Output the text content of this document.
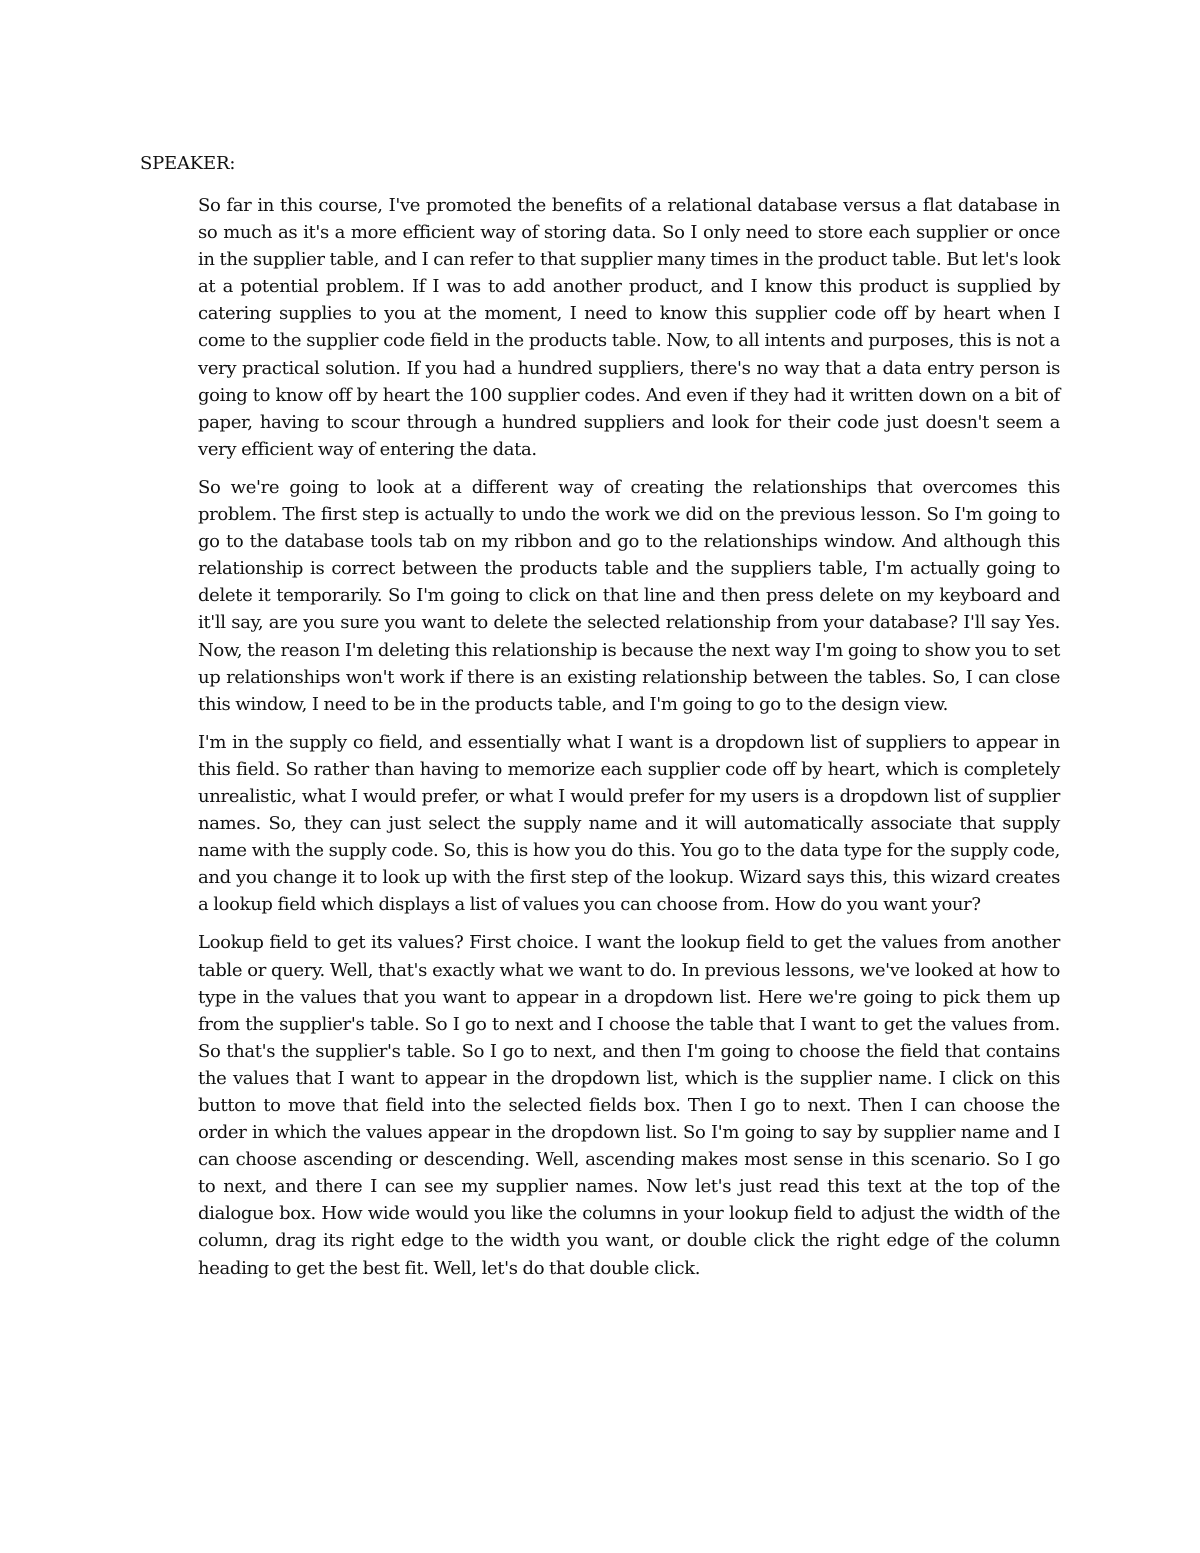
SPEAKER:

So far in this course, I've promoted the benefits of a relational database versus a flat database in so much as it's a more efficient way of storing data. So I only need to store each supplier or once in the supplier table, and I can refer to that supplier many times in the product table. But let's look at a potential problem. If I was to add another product, and I know this product is supplied by catering supplies to you at the moment, I need to know this supplier code off by heart when I come to the supplier code field in the products table. Now, to all intents and purposes, this is not a very practical solution. If you had a hundred suppliers, there's no way that a data entry person is going to know off by heart the 100 supplier codes. And even if they had it written down on a bit of paper, having to scour through a hundred suppliers and look for their code just doesn't seem a very efficient way of entering the data.

So we're going to look at a different way of creating the relationships that overcomes this problem. The first step is actually to undo the work we did on the previous lesson. So I'm going to go to the database tools tab on my ribbon and go to the relationships window. And although this relationship is correct between the products table and the suppliers table, I'm actually going to delete it temporarily. So I'm going to click on that line and then press delete on my keyboard and it'll say, are you sure you want to delete the selected relationship from your database? I'll say Yes. Now, the reason I'm deleting this relationship is because the next way I'm going to show you to set up relationships won't work if there is an existing relationship between the tables. So, I can close this window, I need to be in the products table, and I'm going to go to the design view.

I'm in the supply co field, and essentially what I want is a dropdown list of suppliers to appear in this field. So rather than having to memorize each supplier code off by heart, which is completely unrealistic, what I would prefer, or what I would prefer for my users is a dropdown list of supplier names. So, they can just select the supply name and it will automatically associate that supply name with the supply code. So, this is how you do this. You go to the data type for the supply code, and you change it to look up with the first step of the lookup. Wizard says this, this wizard creates a lookup field which displays a list of values you can choose from. How do you want your?

Lookup field to get its values? First choice. I want the lookup field to get the values from another table or query. Well, that's exactly what we want to do. In previous lessons, we've looked at how to type in the values that you want to appear in a dropdown list. Here we're going to pick them up from the supplier's table. So I go to next and I choose the table that I want to get the values from. So that's the supplier's table. So I go to next, and then I'm going to choose the field that contains the values that I want to appear in the dropdown list, which is the supplier name. I click on this button to move that field into the selected fields box. Then I go to next. Then I can choose the order in which the values appear in the dropdown list. So I'm going to say by supplier name and I can choose ascending or descending. Well, ascending makes most sense in this scenario. So I go to next, and there I can see my supplier names. Now let's just read this text at the top of the dialogue box. How wide would you like the columns in your lookup field to adjust the width of the column, drag its right edge to the width you want, or double click the right edge of the column heading to get the best fit. Well, let's do that double click.
